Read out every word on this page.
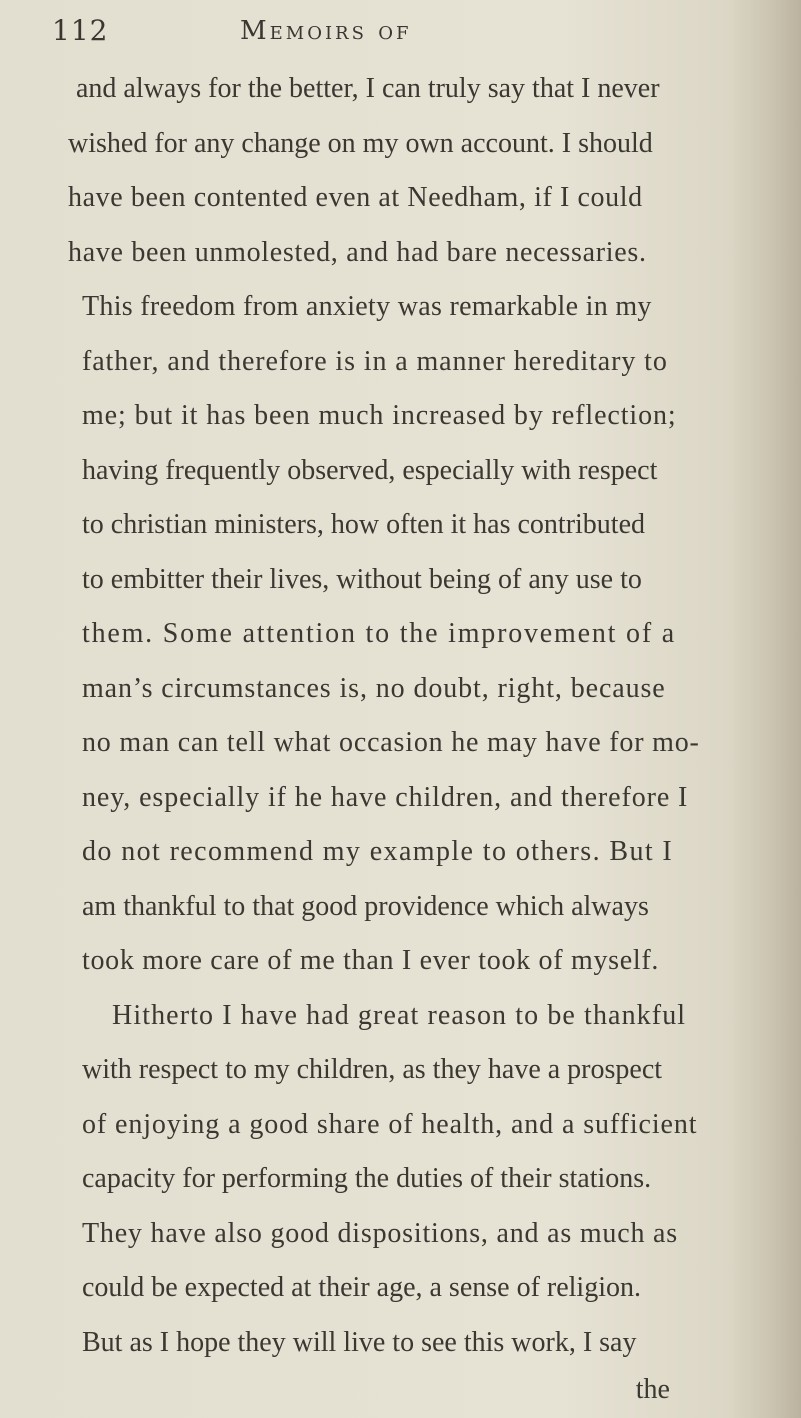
112	Memoirs of
and always for the better, I can truly say that I never
wished for any change on my own account. I should
have been contented even at Needham, if I could
have been unmolested, and had bare necessaries.
This freedom from anxiety was remarkable in my
father, and therefore is in a manner hereditary to
me; but it has been much increased by reflection;
having frequently observed, especially with respect
to christian ministers, how often it has contributed
to embitter their lives, without being of any use to
them. Some attention to the improvement of a
man’s circumstances is, no doubt, right, because
no man can tell what occasion he may have for mo-
ney, especially if he have children, and therefore I
do not recommend my example to others. But I
am thankful to that good providence which always
took more care of me than I ever took of myself.
Hitherto I have had great reason to be thankful
with respect to my children, as they have a prospect
of enjoying a good share of health, and a sufficient
capacity for performing the duties of their stations.
They have also good dispositions, and as much as
could be expected at their age, a sense of religion.
But as I hope they will live to see this work, I say
the
